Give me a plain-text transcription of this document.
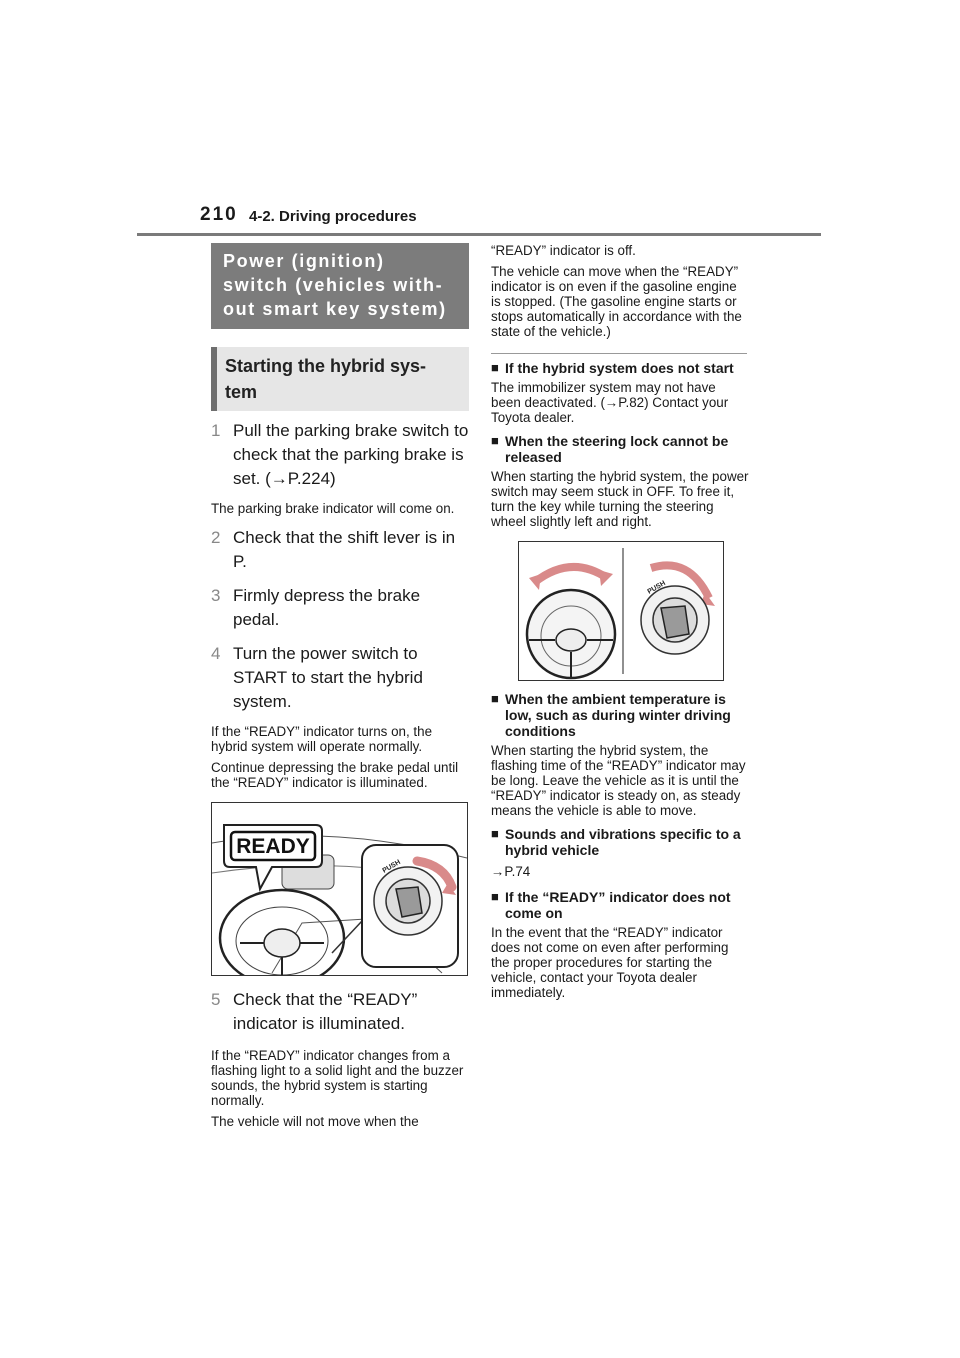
210 4-2. Driving procedures
Power (ignition)
switch (vehicles with-
out smart key system)
Starting the hybrid sys-
tem
1 Pull the parking brake switch to check that the parking brake is set. (→P.224)
The parking brake indicator will come on.
2 Check that the shift lever is in P.
3 Firmly depress the brake pedal.
4 Turn the power switch to START to start the hybrid system.
If the “READY” indicator turns on, the hybrid system will operate normally.
Continue depressing the brake pedal until the “READY” indicator is illuminated.
READY
PUSH
5 Check that the “READY” indicator is illuminated.
If the “READY” indicator changes from a flashing light to a solid light and the buzzer sounds, the hybrid system is starting normally.
The vehicle will not move when the
“READY” indicator is off.
The vehicle can move when the “READY” indicator is on even if the gasoline engine is stopped. (The gasoline engine starts or stops automatically in accordance with the state of the vehicle.)
■ If the hybrid system does not start
The immobilizer system may not have been deactivated. (→P.82) Contact your Toyota dealer.
■ When the steering lock cannot be released
When starting the hybrid system, the power switch may seem stuck in OFF. To free it, turn the key while turning the steering wheel slightly left and right.
PUSH
■ When the ambient temperature is low, such as during winter driving conditions
When starting the hybrid system, the flashing time of the “READY” indicator may be long. Leave the vehicle as it is until the “READY” indicator is steady on, as steady means the vehicle is able to move.
■ Sounds and vibrations specific to a hybrid vehicle
→P.74
■ If the “READY” indicator does not come on
In the event that the “READY” indicator does not come on even after performing the proper procedures for starting the vehicle, contact your Toyota dealer immediately.
